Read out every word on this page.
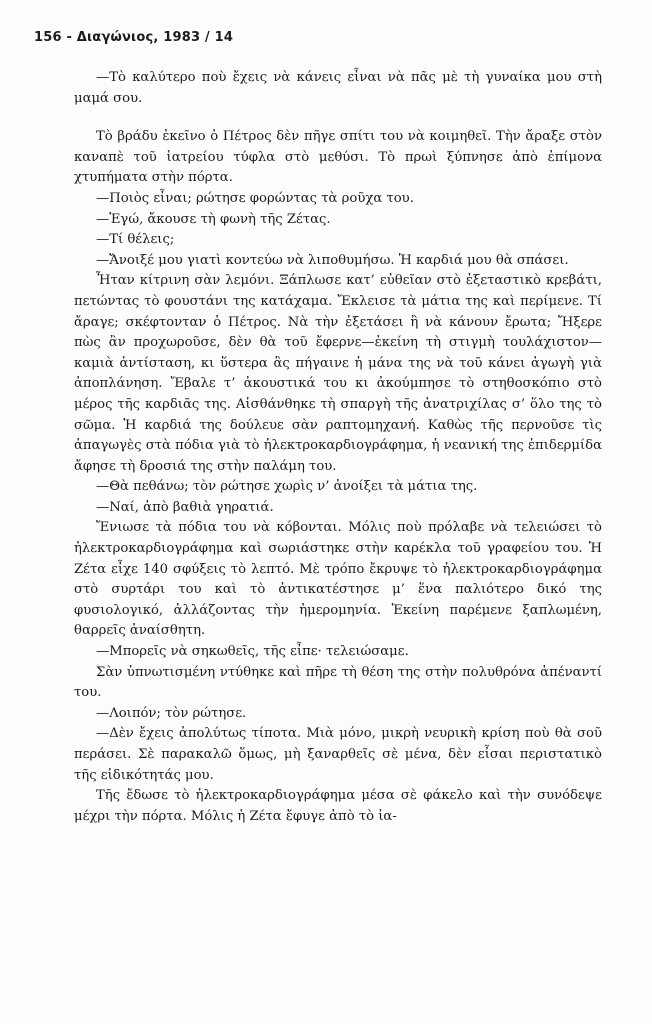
156 - Διαγώνιος, 1983 / 14

—Τὸ καλύτερο ποὺ ἔχεις νὰ κάνεις εἶναι νὰ πᾶς μὲ τὴ γυναίκα μου στὴ μαμά σου.

Τὸ βράδυ ἐκεῖνο ὁ Πέτρος δὲν πῆγε σπίτι του νὰ κοιμηθεῖ. Τὴν ἄραξε στὸν καναπὲ τοῦ ἰατρείου τύφλα στὸ μεθύσι. Τὸ πρωὶ ξύπνησε ἀπὸ ἐπίμονα χτυπήματα στὴν πόρτα.

—Ποιὸς εἶναι; ρώτησε φορώντας τὰ ροῦχα του.

—Ἐγώ, ἄκουσε τὴ φωνὴ τῆς Ζέτας.

—Τί θέλεις;

—Ἄνοιξέ μου γιατὶ κοντεύω νὰ λιποθυμήσω. Ἡ καρδιά μου θὰ σπάσει.

Ἦταν κίτρινη σὰν λεμόνι. Ξάπλωσε κατ’ εὐθεῖαν στὸ ἐξεταστικὸ κρεβάτι, πετώντας τὸ φουστάνι της κατάχαμα. Ἔκλεισε τὰ μάτια της καὶ περίμενε. Τί ἄραγε; σκέφτονταν ὁ Πέτρος. Νὰ τὴν ἐξετάσει ἢ νὰ κάνουν ἔρωτα; Ἤξερε πὼς ἂν προχωροῦσε, δὲν θὰ τοῦ ἔφερνε—ἐκείνη τὴ στιγμὴ τουλάχιστον—καμιὰ ἀντίσταση, κι ὕστερα ἂς πήγαινε ἡ μάνα της νὰ τοῦ κάνει ἀγωγὴ γιὰ ἀποπλάνηση. Ἔβαλε τ’ ἀκουστικά του κι ἀκούμπησε τὸ στηθοσκόπιο στὸ μέρος τῆς καρδιᾶς της. Αἰσθάνθηκε τὴ σπαργὴ τῆς ἀνατριχίλας σ’ ὅλο της τὸ σῶμα. Ἡ καρδιά της δούλευε σὰν ραπτομηχανή. Καθὼς τῆς περνοῦσε τὶς ἀπαγωγὲς στὰ πόδια γιὰ τὸ ἠλεκτροκαρδιογράφημα, ἡ νεανική της ἐπιδερμίδα ἄφησε τὴ δροσιά της στὴν παλάμη του.

—Θὰ πεθάνω; τὸν ρώτησε χωρὶς ν’ ἀνοίξει τὰ μάτια της.

—Ναί, ἀπὸ βαθιὰ γηρατιά.

Ἔνιωσε τὰ πόδια του νὰ κόβονται. Μόλις ποὺ πρόλαβε νὰ τελειώσει τὸ ἠλεκτροκαρδιογράφημα καὶ σωριάστηκε στὴν καρέκλα τοῦ γραφείου του. Ἡ Ζέτα εἶχε 140 σφύξεις τὸ λεπτό. Μὲ τρόπο ἔκρυψε τὸ ἠλεκτροκαρδιογράφημα στὸ συρτάρι του καὶ τὸ ἀντικατέστησε μ’ ἕνα παλιότερο δικό της φυσιολογικό, ἀλλάζοντας τὴν ἡμερομηνία. Ἐκείνη παρέμενε ξαπλωμένη, θαρρεῖς ἀναίσθητη.

—Μπορεῖς νὰ σηκωθεῖς, τῆς εἶπε· τελειώσαμε.

Σὰν ὑπνωτισμένη ντύθηκε καὶ πῆρε τὴ θέση της στὴν πολυθρόνα ἀπέναντί του.

—Λοιπόν; τὸν ρώτησε.

—Δὲν ἔχεις ἀπολύτως τίποτα. Μιὰ μόνο, μικρὴ νευρικὴ κρίση ποὺ θὰ σοῦ περάσει. Σὲ παρακαλῶ ὅμως, μὴ ξαναρθεῖς σὲ μένα, δὲν εἶσαι περιστατικὸ τῆς εἰδικότητάς μου.

Τῆς ἔδωσε τὸ ἠλεκτροκαρδιογράφημα μέσα σὲ φάκελο καὶ τὴν συνόδεψε μέχρι τὴν πόρτα. Μόλις ἡ Ζέτα ἔφυγε ἀπὸ τὸ ἰα-
